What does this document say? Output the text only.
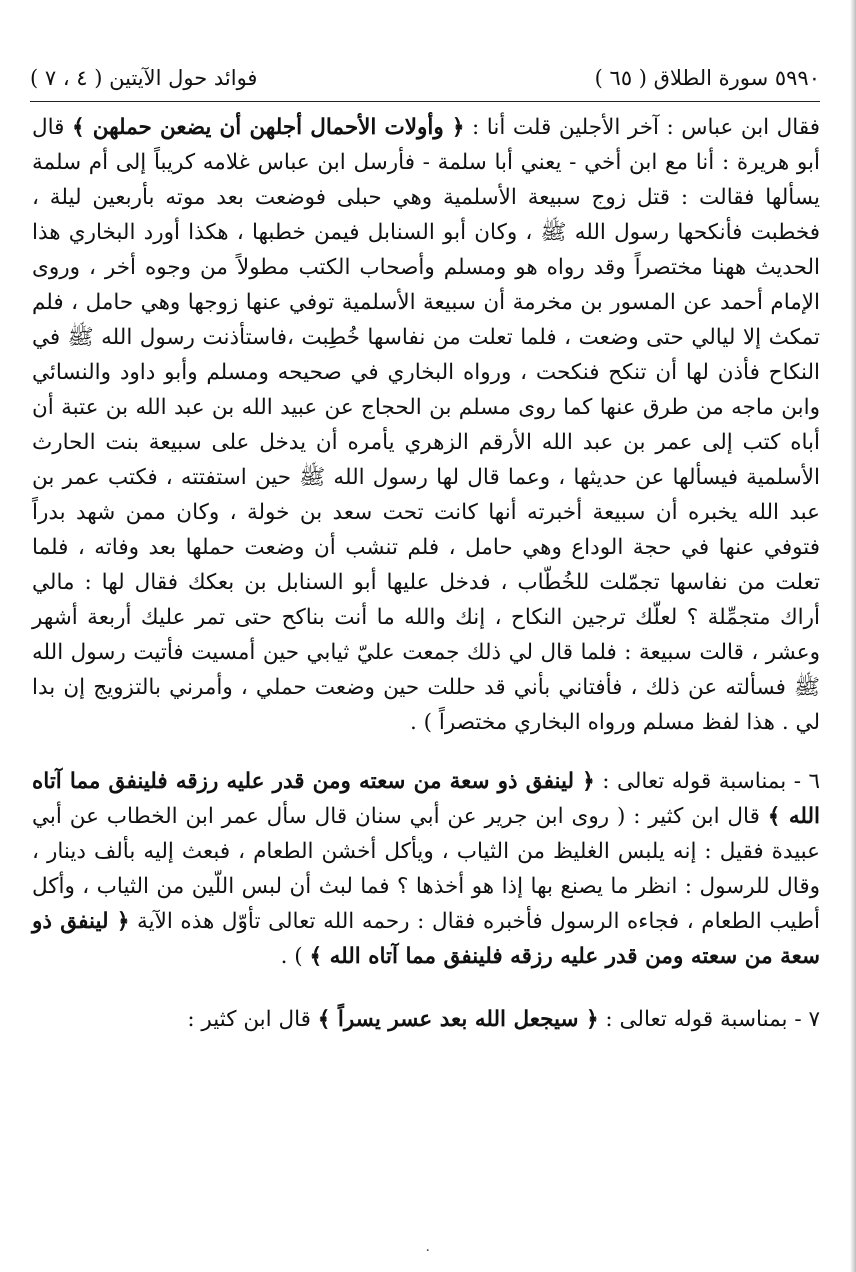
٥٩٩٠ سورة الطلاق ( ٦٥ )
فوائد حول الآيتين ( ٤ ، ٧ )

فقال ابن عباس : آخر الأجلين قلت أنا : ﴿ وأولات الأحمال أجلهن أن يضعن حملهن ﴾ قال أبو هريرة : أنا مع ابن أخي - يعني أبا سلمة - فأرسل ابن عباس غلامه كريباً إلى أم سلمة يسألها فقالت : قتل زوج سبيعة الأسلمية وهي حبلى فوضعت بعد موته بأربعين ليلة ، فخطبت فأنكحها رسول الله ﷺ ، وكان أبو السنابل فيمن خطبها ، هكذا أورد البخاري هذا الحديث ههنا مختصراً وقد رواه هو ومسلم وأصحاب الكتب مطولاً من وجوه أخر ، وروى الإمام أحمد عن المسور بن مخرمة أن سبيعة الأسلمية توفي عنها زوجها وهي حامل ، فلم تمكث إلا ليالي حتى وضعت ، فلما تعلت من نفاسها خُطِبت ،فاستأذنت رسول الله ﷺ في النكاح فأذن لها أن تنكح فنكحت ، ورواه البخاري في صحيحه ومسلم وأبو داود والنسائي وابن ماجه من طرق عنها كما روى مسلم بن الحجاج عن عبيد الله بن عبد الله بن عتبة أن أباه كتب إلى عمر بن عبد الله الأرقم الزهري يأمره أن يدخل على سبيعة بنت الحارث الأسلمية فيسألها عن حديثها ، وعما قال لها رسول الله ﷺ حين استفتته ، فكتب عمر بن عبد الله يخبره أن سبيعة أخبرته أنها كانت تحت سعد بن خولة ، وكان ممن شهد بدراً فتوفي عنها في حجة الوداع وهي حامل ، فلم تنشب أن وضعت حملها بعد وفاته ، فلما تعلت من نفاسها تجمّلت للخُطّاب ، فدخل عليها أبو السنابل بن بعكك فقال لها : مالي أراك متجمِّلة ؟ لعلّك ترجين النكاح ، إنك والله ما أنت بناكح حتى تمر عليك أربعة أشهر وعشر ، قالت سبيعة : فلما قال لي ذلك جمعت عليّ ثيابي حين أمسيت فأتيت رسول الله ﷺ فسألته عن ذلك ، فأفتاني بأني قد حللت حين وضعت حملي ، وأمرني بالتزويج إن بدا لي . هذا لفظ مسلم ورواه البخاري مختصراً ) .

٦ - بمناسبة قوله تعالى : ﴿ لينفق ذو سعة من سعته ومن قدر عليه رزقه فلينفق مما آتاه الله ﴾ قال ابن كثير : ( روى ابن جرير عن أبي سنان قال سأل عمر ابن الخطاب عن أبي عبيدة فقيل : إنه يلبس الغليظ من الثياب ، ويأكل أخشن الطعام ، فبعث إليه بألف دينار ، وقال للرسول : انظر ما يصنع بها إذا هو أخذها ؟ فما لبث أن لبس اللّين من الثياب ، وأكل أطيب الطعام ، فجاءه الرسول فأخبره فقال : رحمه الله تعالى تأوّل هذه الآية ﴿ لينفق ذو سعة من سعته ومن قدر عليه رزقه فلينفق مما آتاه الله ﴾ ) .

٧ - بمناسبة قوله تعالى : ﴿ سيجعل الله بعد عسر يسراً ﴾ قال ابن كثير :

·
